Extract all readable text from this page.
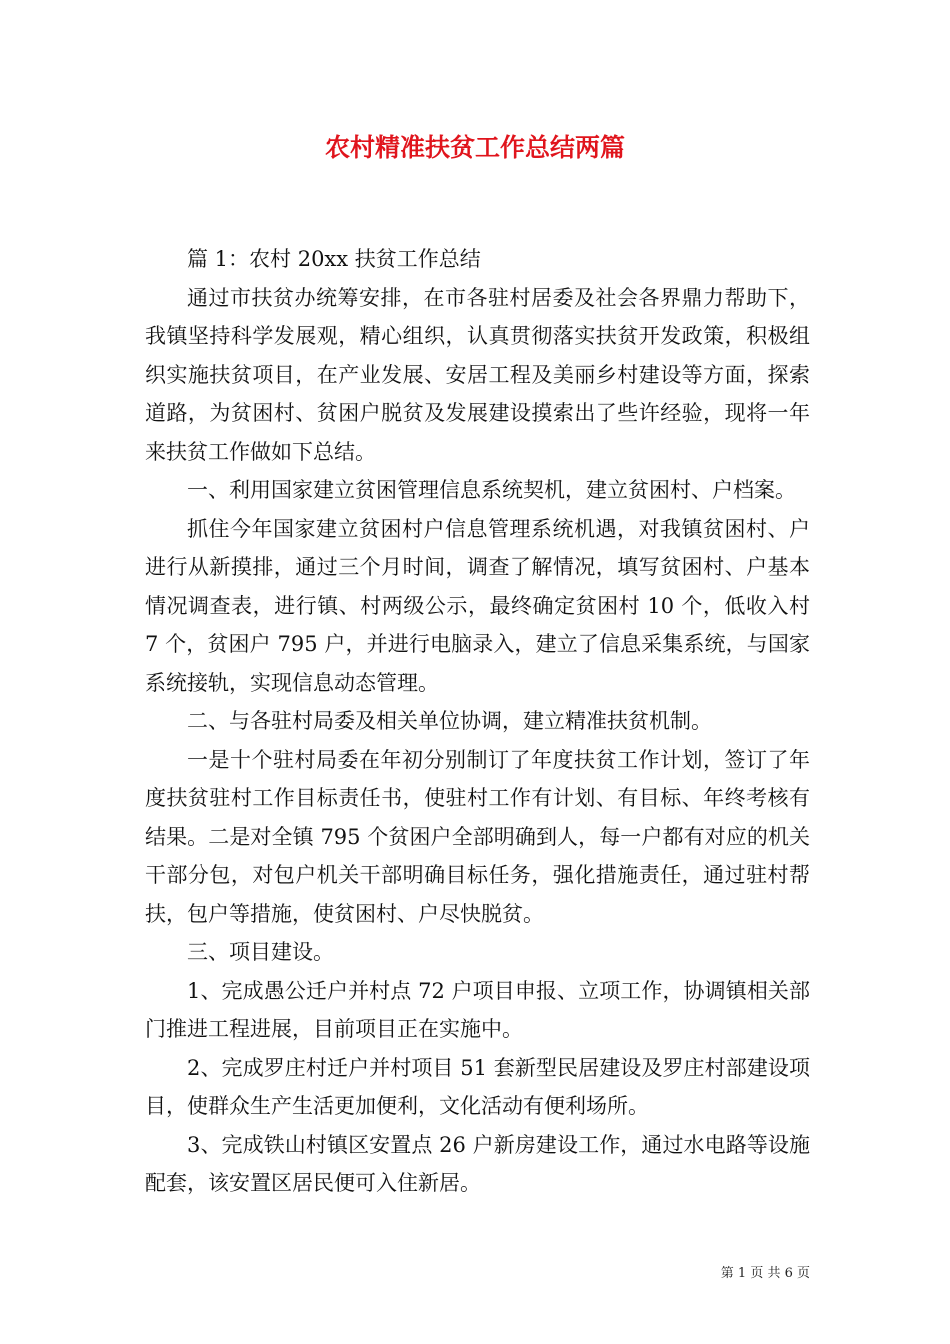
农村精准扶贫工作总结两篇

篇 1：农村 20xx 扶贫工作总结

通过市扶贫办统筹安排，在市各驻村居委及社会各界鼎力帮助下，我镇坚持科学发展观，精心组织，认真贯彻落实扶贫开发政策，积极组织实施扶贫项目，在产业发展、安居工程及美丽乡村建设等方面，探索道路，为贫困村、贫困户脱贫及发展建设摸索出了些许经验，现将一年来扶贫工作做如下总结。

一、利用国家建立贫困管理信息系统契机，建立贫困村、户档案。

抓住今年国家建立贫困村户信息管理系统机遇，对我镇贫困村、户进行从新摸排，通过三个月时间，调查了解情况，填写贫困村、户基本情况调查表，进行镇、村两级公示，最终确定贫困村 10 个，低收入村 7 个，贫困户 795 户，并进行电脑录入，建立了信息采集系统，与国家系统接轨，实现信息动态管理。

二、与各驻村局委及相关单位协调，建立精准扶贫机制。

一是十个驻村局委在年初分别制订了年度扶贫工作计划，签订了年度扶贫驻村工作目标责任书，使驻村工作有计划、有目标、年终考核有结果。二是对全镇 795 个贫困户全部明确到人，每一户都有对应的机关干部分包，对包户机关干部明确目标任务，强化措施责任，通过驻村帮扶，包户等措施，使贫困村、户尽快脱贫。

三、项目建设。

1、完成愚公迁户并村点 72 户项目申报、立项工作，协调镇相关部门推进工程进展，目前项目正在实施中。

2、完成罗庄村迁户并村项目 51 套新型民居建设及罗庄村部建设项目，使群众生产生活更加便利，文化活动有便利场所。

3、完成铁山村镇区安置点 26 户新房建设工作，通过水电路等设施配套，该安置区居民便可入住新居。

第 1 页 共 6 页
